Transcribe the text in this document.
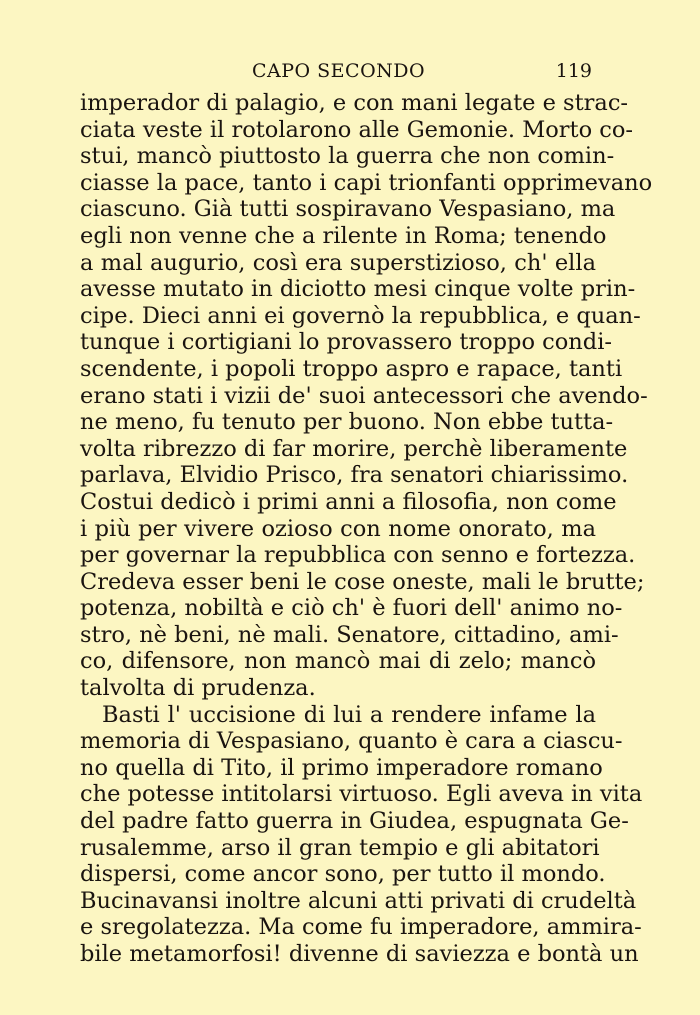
CAPO SECONDO	119
imperador di palagio, e con mani legate e strac-
ciata veste il rotolarono alle Gemonie. Morto co-
stui, mancò piuttosto la guerra che non comin-
ciasse la pace, tanto i capi trionfanti opprimevano
ciascuno. Già tutti sospiravano Vespasiano, ma
egli non venne che a rilente in Roma; tenendo
a mal augurio, così era superstizioso, ch' ella
avesse mutato in diciotto mesi cinque volte prin-
cipe. Dieci anni ei governò la repubblica, e quan-
tunque i cortigiani lo provassero troppo condi-
scendente, i popoli troppo aspro e rapace, tanti
erano stati i vizii de' suoi antecessori che avendo-
ne meno, fu tenuto per buono. Non ebbe tutta-
volta ribrezzo di far morire, perchè liberamente
parlava, Elvidio Prisco, fra senatori chiarissimo.
Costui dedicò i primi anni a filosofia, non come
i più per vivere ozioso con nome onorato, ma
per governar la repubblica con senno e fortezza.
Credeva esser beni le cose oneste, mali le brutte;
potenza, nobiltà e ciò ch' è fuori dell' animo no-
stro, nè beni, nè mali. Senatore, cittadino, ami-
co, difensore, non mancò mai di zelo; mancò
talvolta di prudenza.
Basti l' uccisione di lui a rendere infame la
memoria di Vespasiano, quanto è cara a ciascu-
no quella di Tito, il primo imperadore romano
che potesse intitolarsi virtuoso. Egli aveva in vita
del padre fatto guerra in Giudea, espugnata Ge-
rusalemme, arso il gran tempio e gli abitatori
dispersi, come ancor sono, per tutto il mondo.
Bucinavansi inoltre alcuni atti privati di crudeltà
e sregolatezza. Ma come fu imperadore, ammira-
bile metamorfosi! divenne di saviezza e bontà un
